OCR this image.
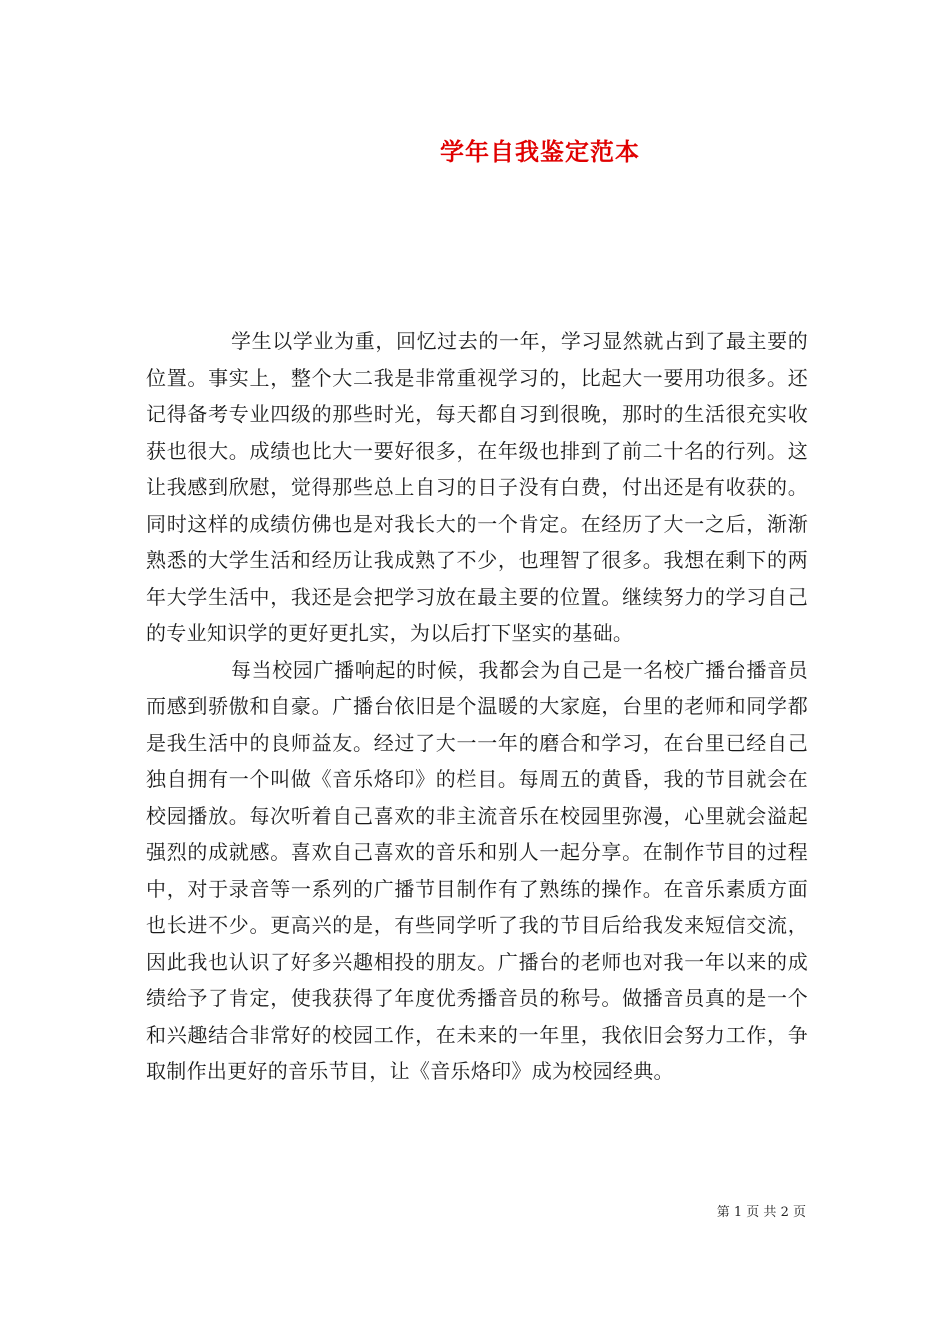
学年自我鉴定范本

学生以学业为重，回忆过去的一年，学习显然就占到了最主要的位置。事实上，整个大二我是非常重视学习的，比起大一要用功很多。还记得备考专业四级的那些时光，每天都自习到很晚，那时的生活很充实收获也很大。成绩也比大一要好很多，在年级也排到了前二十名的行列。这让我感到欣慰，觉得那些总上自习的日子没有白费，付出还是有收获的。同时这样的成绩仿佛也是对我长大的一个肯定。在经历了大一之后，渐渐熟悉的大学生活和经历让我成熟了不少，也理智了很多。我想在剩下的两年大学生活中，我还是会把学习放在最主要的位置。继续努力的学习自己的专业知识学的更好更扎实，为以后打下坚实的基础。

每当校园广播响起的时候，我都会为自己是一名校广播台播音员而感到骄傲和自豪。广播台依旧是个温暖的大家庭，台里的老师和同学都是我生活中的良师益友。经过了大一一年的磨合和学习，在台里已经自己独自拥有一个叫做《音乐烙印》的栏目。每周五的黄昏，我的节目就会在校园播放。每次听着自己喜欢的非主流音乐在校园里弥漫，心里就会溢起强烈的成就感。喜欢自己喜欢的音乐和别人一起分享。在制作节目的过程中，对于录音等一系列的广播节目制作有了熟练的操作。在音乐素质方面也长进不少。更高兴的是，有些同学听了我的节目后给我发来短信交流，因此我也认识了好多兴趣相投的朋友。广播台的老师也对我一年以来的成绩给予了肯定，使我获得了年度优秀播音员的称号。做播音员真的是一个和兴趣结合非常好的校园工作，在未来的一年里，我依旧会努力工作，争取制作出更好的音乐节目，让《音乐烙印》成为校园经典。

第 1 页 共 2 页
